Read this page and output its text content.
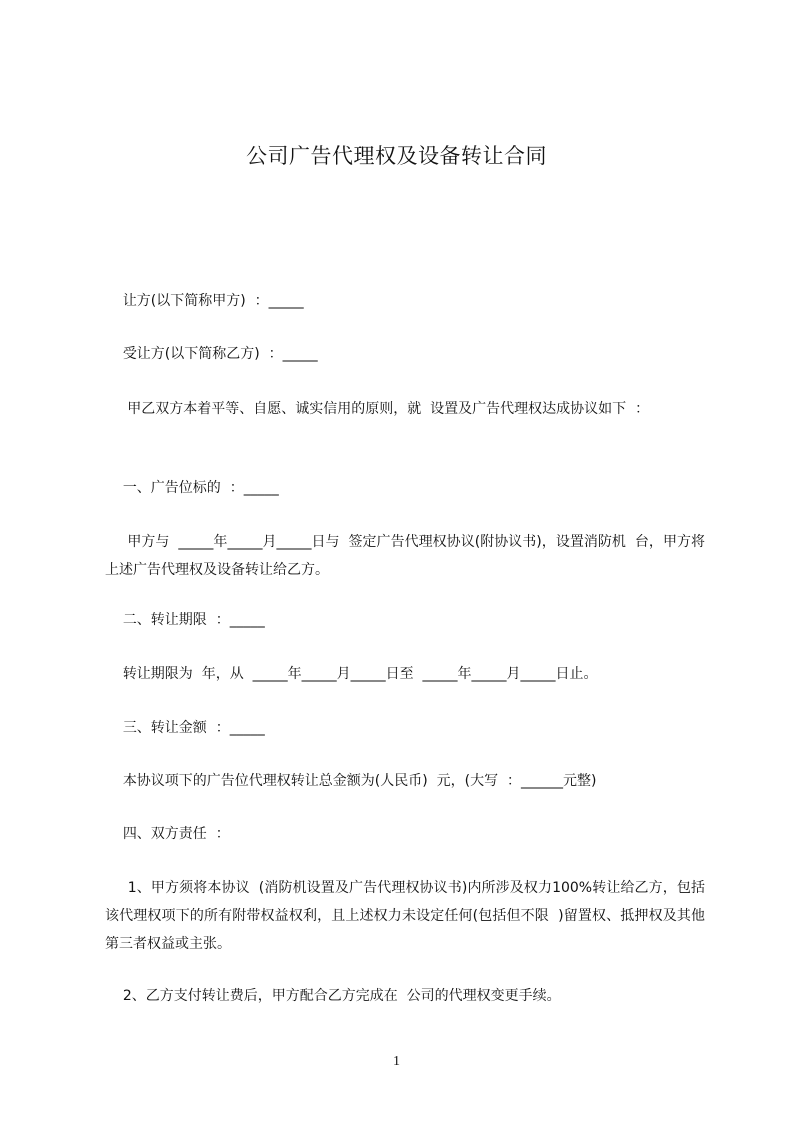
公司广告代理权及设备转让合同

让方(以下简称甲方)  ：_____

受让方(以下简称乙方)  ：_____

甲乙双方本着平等、自愿、诚实信用的原则，就  设置及广告代理权达成协议如下  ：

一、广告位标的  ：_____

甲方与  _____年_____月_____日与  签定广告代理权协议(附协议书)，设置消防机  台，甲方将上述广告代理权及设备转让给乙方。

二、转让期限  ：_____

转让期限为  年，从  _____年_____月_____日至  _____年_____月_____日止。

三、转让金额  ：_____

本协议项下的广告位代理权转让总金额为(人民币)  元，(大写  ：______元整)

四、双方责任  ：

1、甲方须将本协议  (消防机设置及广告代理权协议书)内所涉及权力100%转让给乙方，包括该代理权项下的所有附带权益权利，且上述权力未设定任何(包括但不限  )留置权、抵押权及其他第三者权益或主张。

2、乙方支付转让费后，甲方配合乙方完成在  公司的代理权变更手续。

1
